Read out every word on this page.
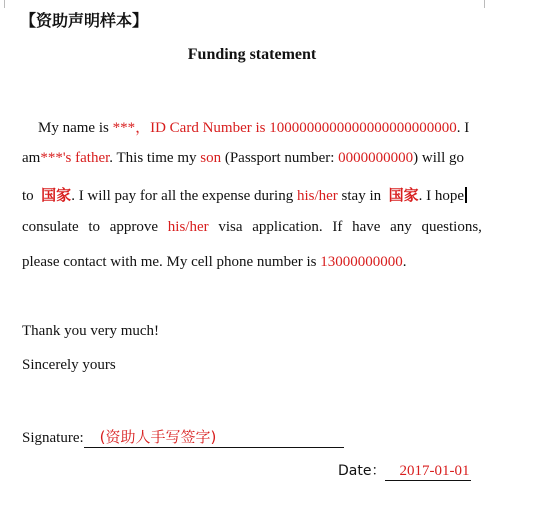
【资助声明样本】
Funding statement
My name is ***，ID Card Number is 1000000000000000000000000. I
am***'s father. This time my son (Passport number: 0000000000) will go
to 国家. I will pay for all the expense during his/her stay in 国家. I hope
consulate to approve his/her visa application. If have any questions,
please contact with me. My cell phone number is 13000000000.
Thank you very much!
Sincerely yours
Signature: (资助人手写签字)
Date： 2017-01-01
